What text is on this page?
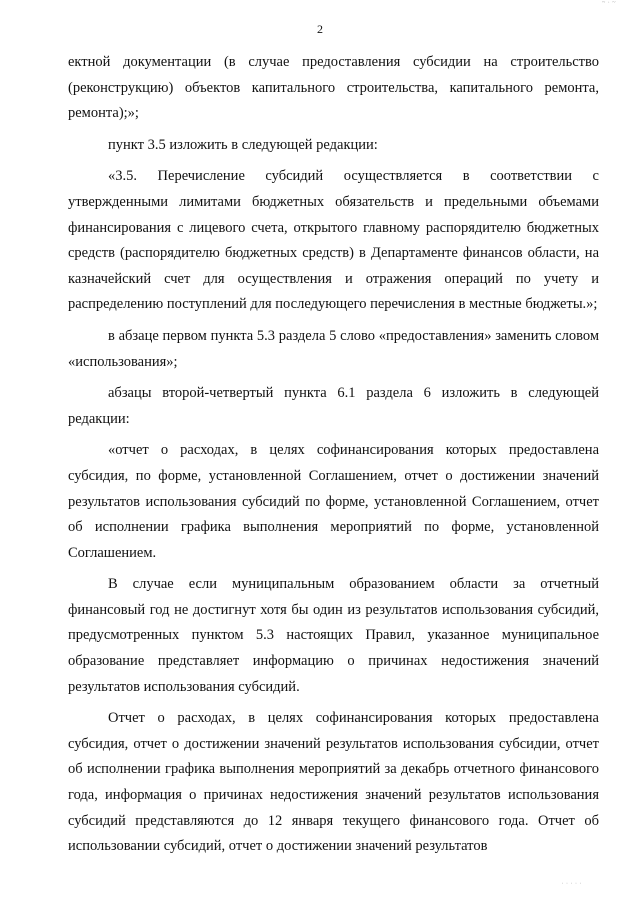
~ · ~
2

ектной документации (в случае предоставления субсидии на строительство (реконструкцию) объектов капитального строительства, капитального ремонта, ремонта);»;

пункт 3.5 изложить в следующей редакции:

«3.5. Перечисление субсидий осуществляется в соответствии с утвержденными лимитами бюджетных обязательств и предельными объемами финансирования с лицевого счета, открытого главному распорядителю бюджетных средств (распорядителю бюджетных средств) в Департаменте финансов области, на казначейский счет для осуществления и отражения операций по учету и распределению поступлений для последующего перечисления в местные бюджеты.»;

в абзаце первом пункта 5.3 раздела 5 слово «предоставления» заменить словом «использования»;

абзацы второй-четвертый пункта 6.1 раздела 6 изложить в следующей редакции:

«отчет о расходах, в целях софинансирования которых предоставлена субсидия, по форме, установленной Соглашением, отчет о достижении значений результатов использования субсидий по форме, установленной Соглашением, отчет об исполнении графика выполнения мероприятий по форме, установленной Соглашением.

В случае если муниципальным образованием области за отчетный финансовый год не достигнут хотя бы один из результатов использования субсидий, предусмотренных пунктом 5.3 настоящих Правил, указанное муниципальное образование представляет информацию о причинах недостижения значений результатов использования субсидий.

Отчет о расходах, в целях софинансирования которых предоставлена субсидия, отчет о достижении значений результатов использования субсидии, отчет об исполнении графика выполнения мероприятий за декабрь отчетного финансового года, информация о причинах недостижения значений результатов использования субсидий представляются до 12 января текущего финансового года. Отчет об использовании субсидий, отчет о достижении значений результатов

· · · · ·
